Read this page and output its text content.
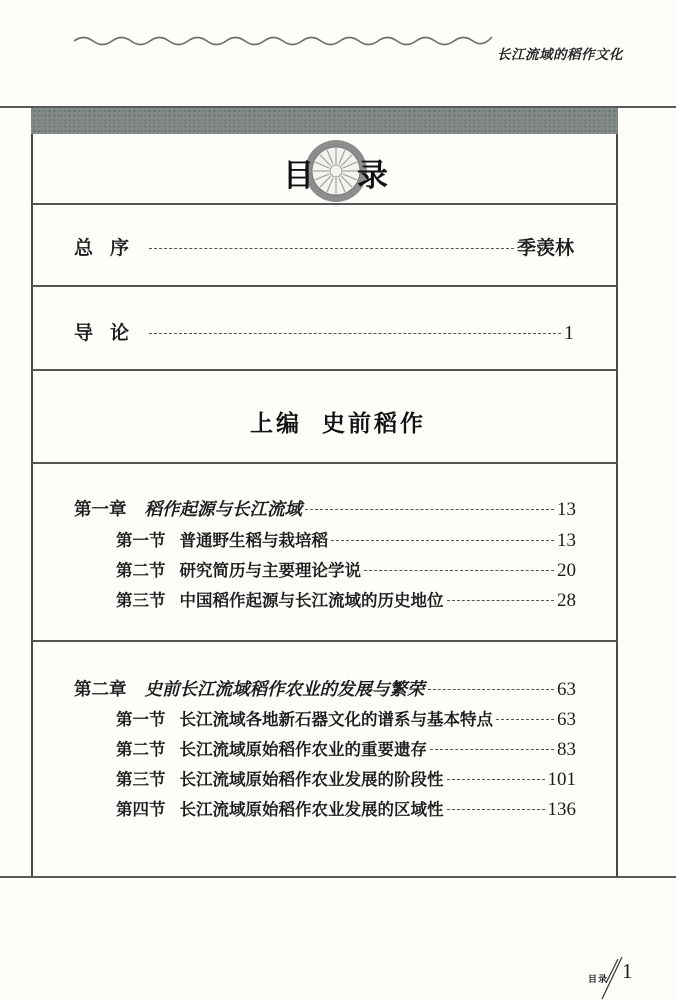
长江流域的稻作文化
目 录
总序	季羡林
导论	1
上编 史前稻作
第一章 稻作起源与长江流域	13
第一节 普通野生稻与栽培稻	13
第二节 研究简历与主要理论学说	20
第三节 中国稻作起源与长江流域的历史地位	28
第二章 史前长江流域稻作农业的发展与繁荣	63
第一节 长江流域各地新石器文化的谱系与基本特点	63
第二节 长江流域原始稻作农业的重要遗存	83
第三节 长江流域原始稻作农业发展的阶段性	101
第四节 长江流域原始稻作农业发展的区域性	136
目录 1
